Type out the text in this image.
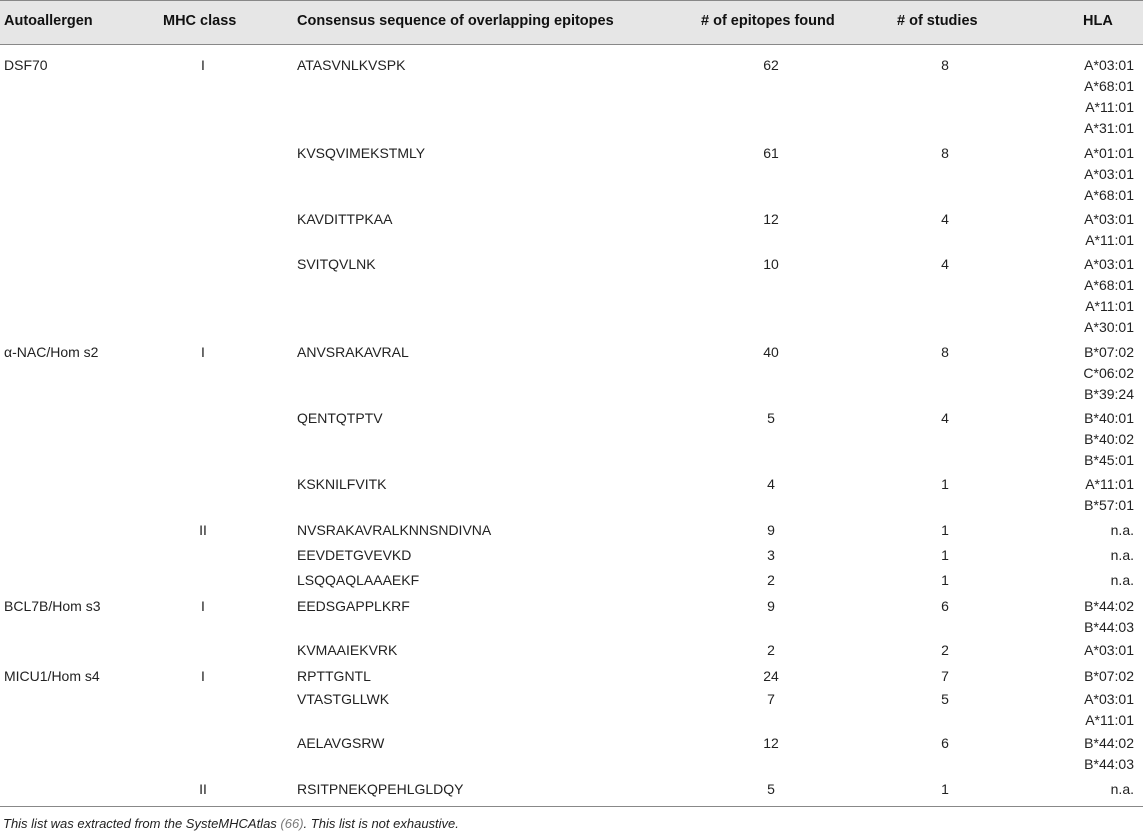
Autoallergen	MHC class	Consensus sequence of overlapping epitopes	# of epitopes found	# of studies	HLA
DSF70	I	ATASVNLKVSPK	62	8	A*03:01
A*68:01
A*11:01
A*31:01
KVSQVIMEKSTMLY	61	8	A*01:01
A*03:01
A*68:01
KAVDITTPKAA	12	4	A*03:01
A*11:01
SVITQVLNK	10	4	A*03:01
A*68:01
A*11:01
A*30:01
α-NAC/Hom s2	I	ANVSRAKAVRAL	40	8	B*07:02
C*06:02
B*39:24
QENTQTPTV	5	4	B*40:01
B*40:02
B*45:01
KSKNILFVITK	4	1	A*11:01
B*57:01
II	NVSRAKAVRALKNNSNDIVNA	9	1	n.a.
EEVDETGVEVKD	3	1	n.a.
LSQQAQLAAAEKF	2	1	n.a.
BCL7B/Hom s3	I	EEDSGAPPLKRF	9	6	B*44:02
B*44:03
KVMAAIEKVRK	2	2	A*03:01
MICU1/Hom s4	I	RPTTGNTL	24	7	B*07:02
VTASTGLLWK	7	5	A*03:01
A*11:01
AELAVGSRW	12	6	B*44:02
B*44:03
II	RSITPNEKQPEHLGLDQY	5	1	n.a.
This list was extracted from the SysteMHCAtlas (66). This list is not exhaustive.
